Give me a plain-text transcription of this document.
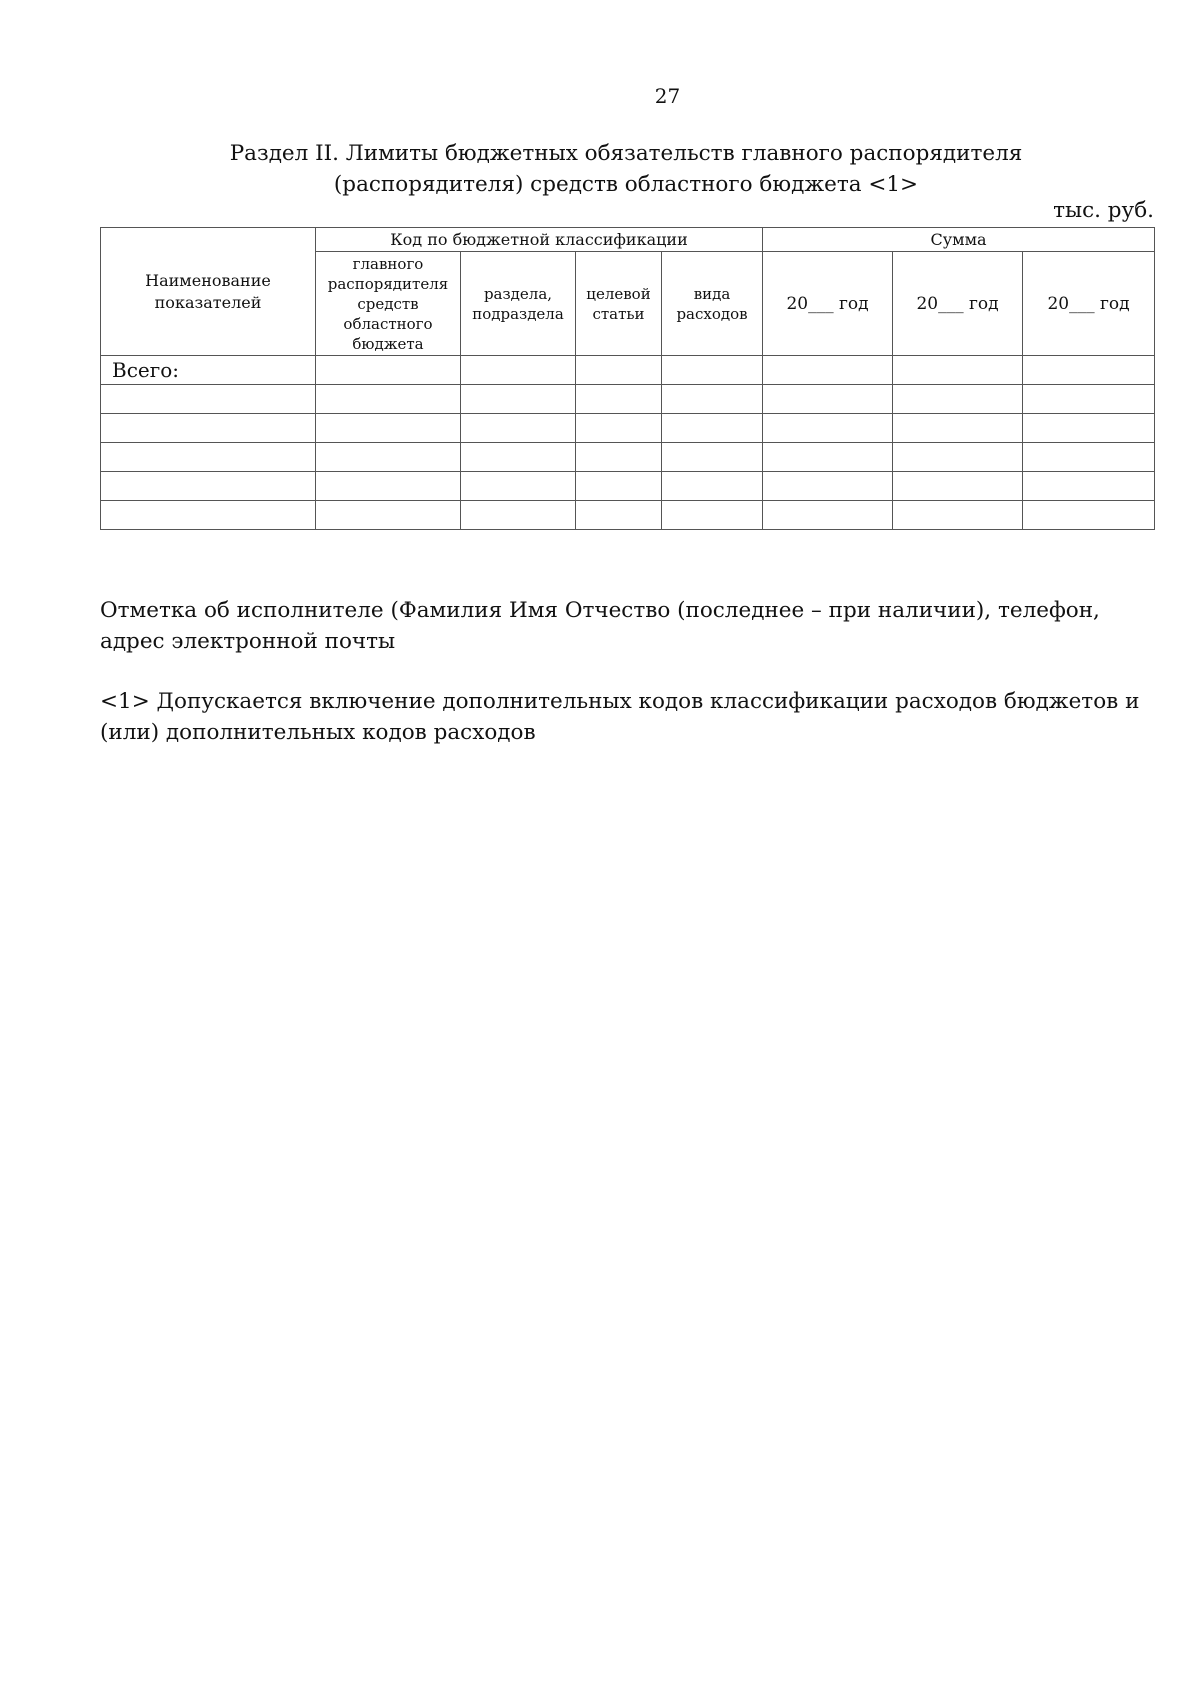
27
Раздел II. Лимиты бюджетных обязательств главного распорядителя
(распорядителя) средств областного бюджета <1>
тыс. руб.
Наименование показателей	Код по бюджетной классификации				Сумма		
	главного распорядителя средств областного бюджета	раздела, подраздела	целевой статьи	вида расходов	20___ год	20___ год	20___ год
Всего:							

Отметка об исполнителе (Фамилия Имя Отчество (последнее – при наличии), телефон, адрес электронной почты

<1> Допускается включение дополнительных кодов классификации расходов бюджетов и (или) дополнительных кодов расходов
